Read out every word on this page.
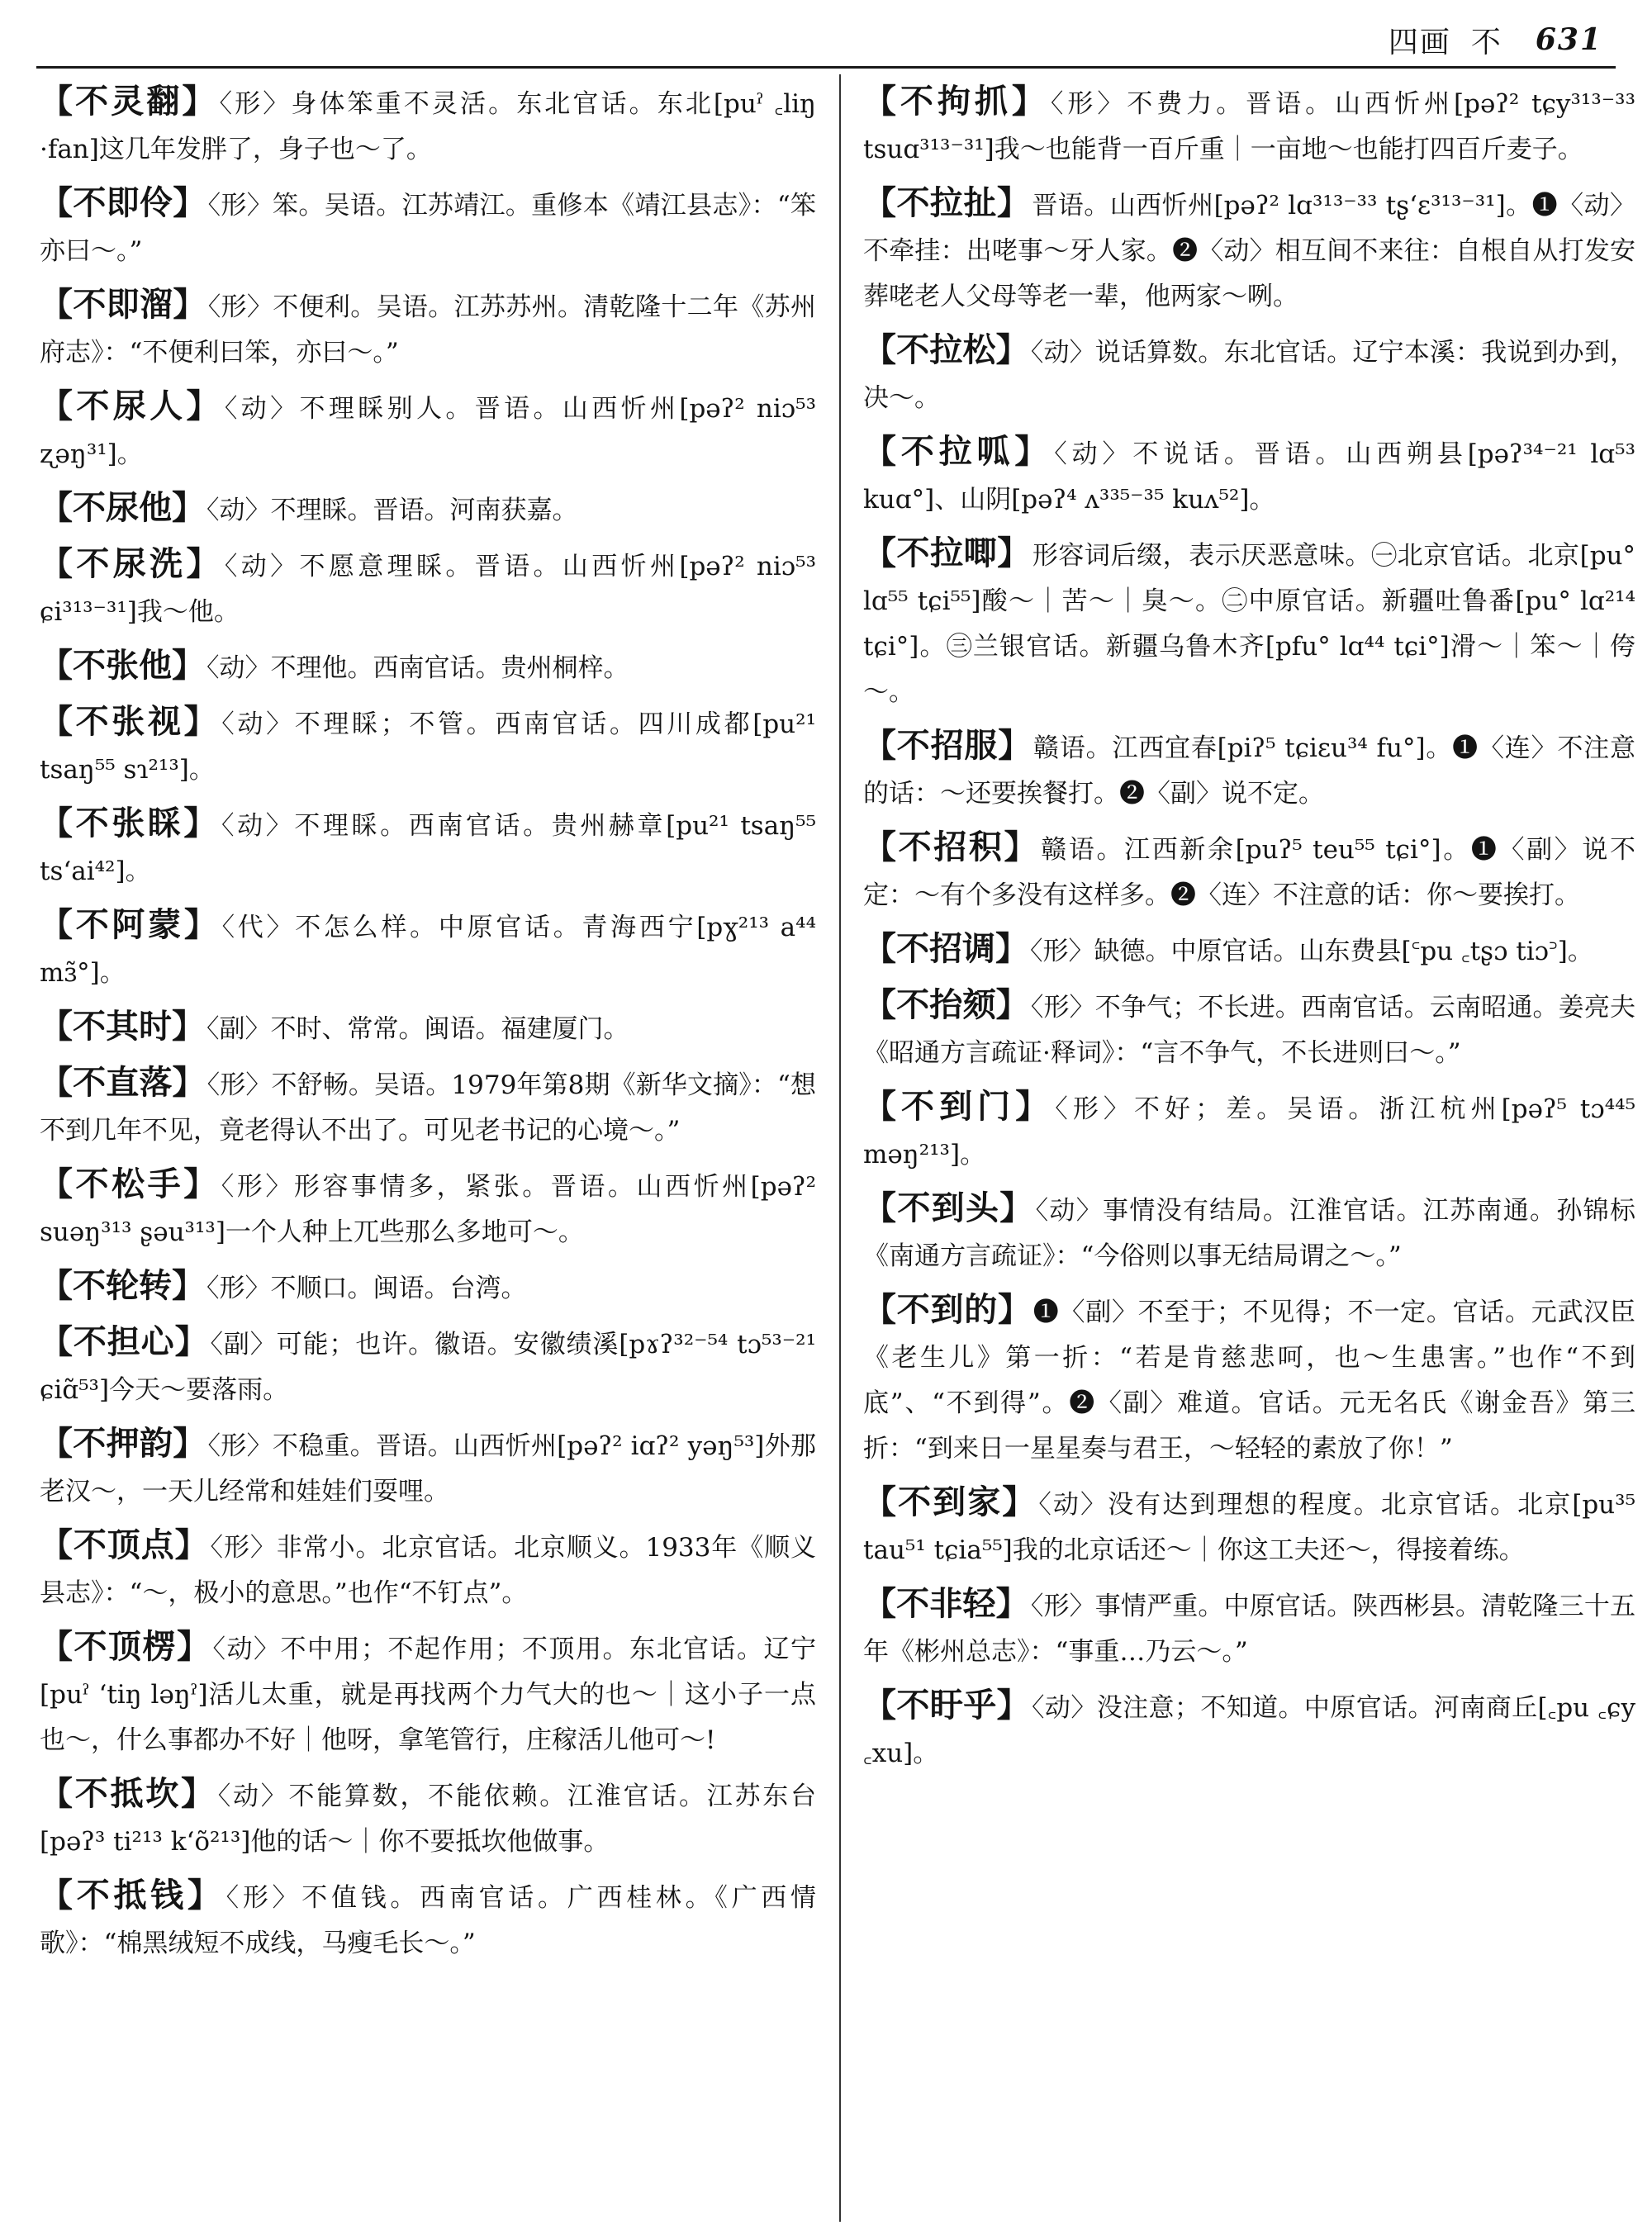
四画 不 631

【不灵翻】〈形〉身体笨重不灵活。东北官话。东北[puˀ ꜀liŋ ·fan]这几年发胖了，身子也～了。

【不即伶】〈形〉笨。吴语。江苏靖江。重修本《靖江县志》：“笨亦曰～。”

【不即溜】〈形〉不便利。吴语。江苏苏州。清乾隆十二年《苏州府志》：“不便利曰笨，亦曰～。”

【不尿人】〈动〉不理睬别人。晋语。山西忻州[pəʔ² niɔ⁵³ ʐəŋ³¹]。

【不尿他】〈动〉不理睬。晋语。河南获嘉。

【不尿洗】〈动〉不愿意理睬。晋语。山西忻州[pəʔ² niɔ⁵³ ɕi³¹³⁻³¹]我～他。

【不张他】〈动〉不理他。西南官话。贵州桐梓。

【不张视】〈动〉不理睬；不管。西南官话。四川成都[pu²¹ tsaŋ⁵⁵ sɿ²¹³]。

【不张睬】〈动〉不理睬。西南官话。贵州赫章[pu²¹ tsaŋ⁵⁵ ts‘ai⁴²]。

【不阿蒙】〈代〉不怎么样。中原官话。青海西宁[pɣ²¹³ a⁴⁴ mɜ̃°]。

【不其时】〈副〉不时、常常。闽语。福建厦门。

【不直落】〈形〉不舒畅。吴语。1979年第8期《新华文摘》：“想不到几年不见，竟老得认不出了。可见老书记的心境～。”

【不松手】〈形〉形容事情多，紧张。晋语。山西忻州[pəʔ² suəŋ³¹³ ʂəu³¹³]一个人种上兀些那么多地可～。

【不轮转】〈形〉不顺口。闽语。台湾。

【不担心】〈副〉可能；也许。徽语。安徽绩溪[pɤʔ³²⁻⁵⁴ tɔ⁵³⁻²¹ ɕiɑ̃⁵³]今天～要落雨。

【不押韵】〈形〉不稳重。晋语。山西忻州[pəʔ² iɑʔ² yəŋ⁵³]外那老汉～，一天儿经常和娃娃们耍哩。

【不顶点】〈形〉非常小。北京官话。北京顺义。1933年《顺义县志》：“～，极小的意思。”也作“不钉点”。

【不顶楞】〈动〉不中用；不起作用；不顶用。东北官话。辽宁[puˀ ‘tiŋ ləŋˀ]活儿太重，就是再找两个力气大的也～｜这小子一点也～，什么事都办不好｜他呀，拿笔管行，庄稼活儿他可～!

【不抵坎】〈动〉不能算数，不能依赖。江淮官话。江苏东台[pəʔ³ ti²¹³ k‘õ²¹³]他的话～｜你不要抵坎他做事。

【不抵钱】〈形〉不值钱。西南官话。广西桂林。《广西情歌》：“棉黑绒短不成线，马瘦毛长～。”

【不拘抓】〈形〉不费力。晋语。山西忻州[pəʔ² tɕy³¹³⁻³³ tsuɑ³¹³⁻³¹]我～也能背一百斤重｜一亩地～也能打四百斤麦子。

【不拉扯】晋语。山西忻州[pəʔ² lɑ³¹³⁻³³ tʂ‘ɛ³¹³⁻³¹]。❶〈动〉不牵挂：出咾事～牙人家。❷〈动〉相互间不来往：自根自从打发安葬咾老人父母等老一辈，他两家～咧。

【不拉松】〈动〉说话算数。东北官话。辽宁本溪：我说到办到，决～。

【不拉呱】〈动〉不说话。晋语。山西朔县[pəʔ³⁴⁻²¹ lɑ⁵³ kuɑ°]、山阴[pəʔ⁴ ʌ³³⁵⁻³⁵ kuʌ⁵²]。

【不拉唧】形容词后缀，表示厌恶意味。㊀北京官话。北京[pu° lɑ⁵⁵ tɕi⁵⁵]酸～｜苦～｜臭～。㊁中原官话。新疆吐鲁番[pu° lɑ²¹⁴ tɕi°]。㊂兰银官话。新疆乌鲁木齐[pfu° lɑ⁴⁴ tɕi°]滑～｜笨～｜侉～。

【不招服】赣语。江西宜春[piʔ⁵ tɕiɛu³⁴ fu°]。❶〈连〉不注意的话：～还要挨餐打。❷〈副〉说不定。

【不招积】赣语。江西新余[puʔ⁵ teu⁵⁵ tɕi°]。❶〈副〉说不定：～有个多没有这样多。❷〈连〉不注意的话：你～要挨打。

【不招调】〈形〉缺德。中原官话。山东费县[꜂pu ꜀tʂɔ tiɔ꜄]。

【不抬颏】〈形〉不争气；不长进。西南官话。云南昭通。姜亮夫《昭通方言疏证·释词》：“言不争气，不长进则曰～。”

【不到门】〈形〉不好；差。吴语。浙江杭州[pəʔ⁵ tɔ⁴⁴⁵ məŋ²¹³]。

【不到头】〈动〉事情没有结局。江淮官话。江苏南通。孙锦标《南通方言疏证》：“今俗则以事无结局谓之～。”

【不到的】❶〈副〉不至于；不见得；不一定。官话。元武汉臣《老生儿》第一折：“若是肯慈悲呵，也～生患害。”也作“不到底”、“不到得”。❷〈副〉难道。官话。元无名氏《谢金吾》第三折：“到来日一星星奏与君王，～轻轻的素放了你！”

【不到家】〈动〉没有达到理想的程度。北京官话。北京[pu³⁵ tau⁵¹ tɕia⁵⁵]我的北京话还～｜你这工夫还～，得接着练。

【不非轻】〈形〉事情严重。中原官话。陕西彬县。清乾隆三十五年《彬州总志》：“事重…乃云～。”

【不盱乎】〈动〉没注意；不知道。中原官话。河南商丘[꜀pu ꜀ɕy ꜀xu]。
